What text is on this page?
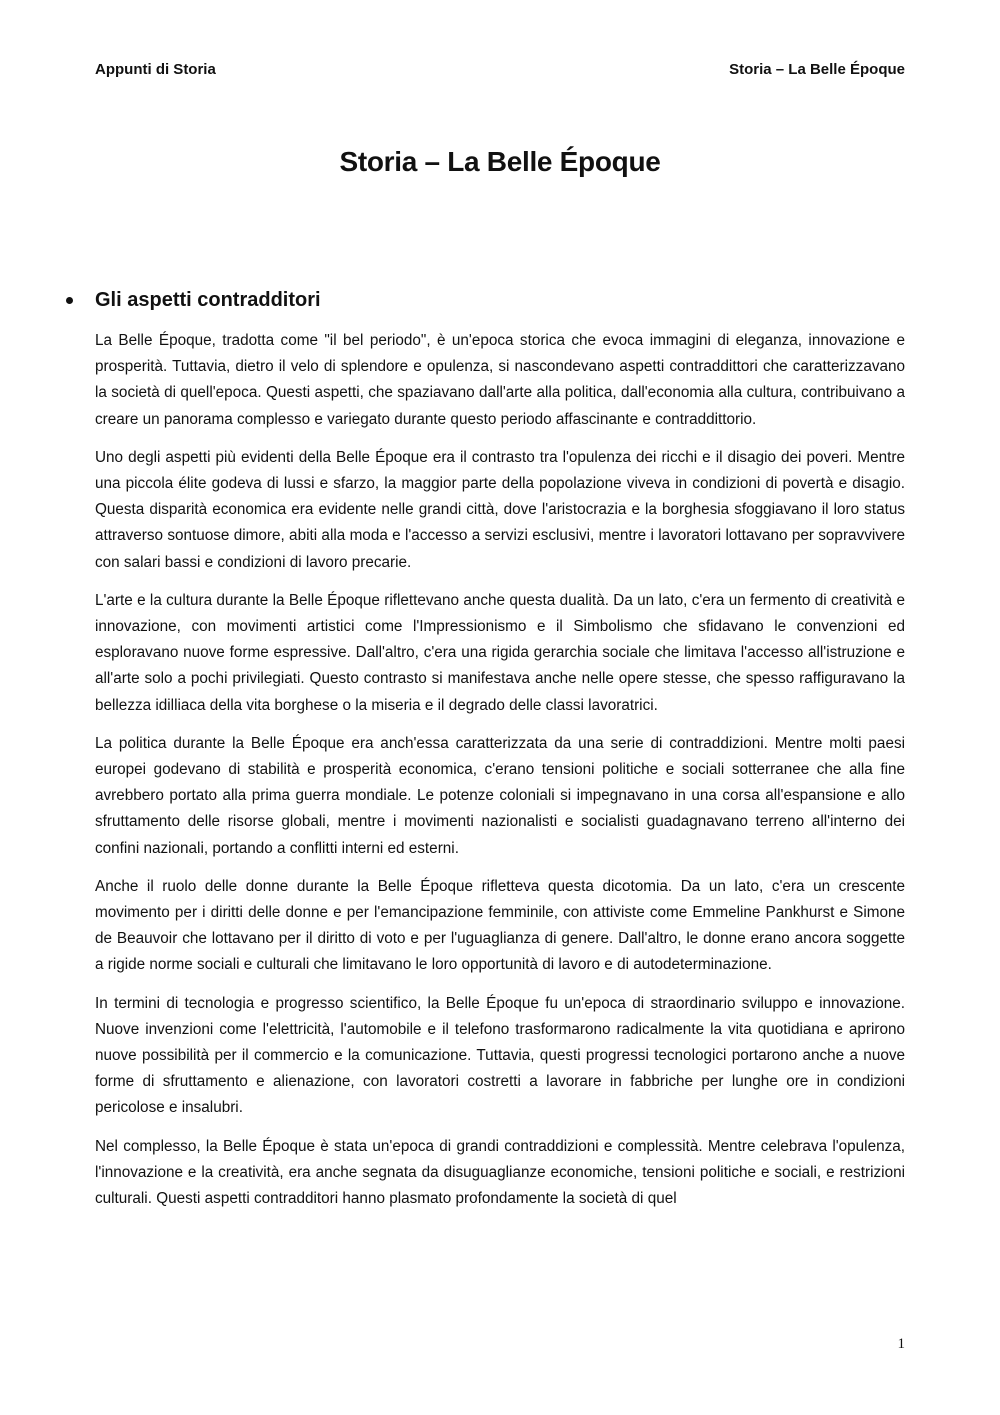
Appunti di Storia	Storia – La Belle Époque
Storia – La Belle Époque
Gli aspetti contradditori

La Belle Époque, tradotta come "il bel periodo", è un'epoca storica che evoca immagini di eleganza, innovazione e prosperità. Tuttavia, dietro il velo di splendore e opulenza, si nascondevano aspetti contraddittori che caratterizzavano la società di quell'epoca. Questi aspetti, che spaziavano dall'arte alla politica, dall'economia alla cultura, contribuivano a creare un panorama complesso e variegato durante questo periodo affascinante e contraddittorio.

Uno degli aspetti più evidenti della Belle Époque era il contrasto tra l'opulenza dei ricchi e il disagio dei poveri. Mentre una piccola élite godeva di lussi e sfarzo, la maggior parte della popolazione viveva in condizioni di povertà e disagio. Questa disparità economica era evidente nelle grandi città, dove l'aristocrazia e la borghesia sfoggiavano il loro status attraverso sontuose dimore, abiti alla moda e l'accesso a servizi esclusivi, mentre i lavoratori lottavano per sopravvivere con salari bassi e condizioni di lavoro precarie.

L'arte e la cultura durante la Belle Époque riflettevano anche questa dualità. Da un lato, c'era un fermento di creatività e innovazione, con movimenti artistici come l'Impressionismo e il Simbolismo che sfidavano le convenzioni ed esploravano nuove forme espressive. Dall'altro, c'era una rigida gerarchia sociale che limitava l'accesso all'istruzione e all'arte solo a pochi privilegiati. Questo contrasto si manifestava anche nelle opere stesse, che spesso raffiguravano la bellezza idilliaca della vita borghese o la miseria e il degrado delle classi lavoratrici.

La politica durante la Belle Époque era anch'essa caratterizzata da una serie di contraddizioni. Mentre molti paesi europei godevano di stabilità e prosperità economica, c'erano tensioni politiche e sociali sotterranee che alla fine avrebbero portato alla prima guerra mondiale. Le potenze coloniali si impegnavano in una corsa all'espansione e allo sfruttamento delle risorse globali, mentre i movimenti nazionalisti e socialisti guadagnavano terreno all'interno dei confini nazionali, portando a conflitti interni ed esterni.

Anche il ruolo delle donne durante la Belle Époque rifletteva questa dicotomia. Da un lato, c'era un crescente movimento per i diritti delle donne e per l'emancipazione femminile, con attiviste come Emmeline Pankhurst e Simone de Beauvoir che lottavano per il diritto di voto e per l'uguaglianza di genere. Dall'altro, le donne erano ancora soggette a rigide norme sociali e culturali che limitavano le loro opportunità di lavoro e di autodeterminazione.

In termini di tecnologia e progresso scientifico, la Belle Époque fu un'epoca di straordinario sviluppo e innovazione. Nuove invenzioni come l'elettricità, l'automobile e il telefono trasformarono radicalmente la vita quotidiana e aprirono nuove possibilità per il commercio e la comunicazione. Tuttavia, questi progressi tecnologici portarono anche a nuove forme di sfruttamento e alienazione, con lavoratori costretti a lavorare in fabbriche per lunghe ore in condizioni pericolose e insalubri.

Nel complesso, la Belle Époque è stata un'epoca di grandi contraddizioni e complessità. Mentre celebrava l'opulenza, l'innovazione e la creatività, era anche segnata da disuguaglianze economiche, tensioni politiche e sociali, e restrizioni culturali. Questi aspetti contradditori hanno plasmato profondamente la società di quel

1
